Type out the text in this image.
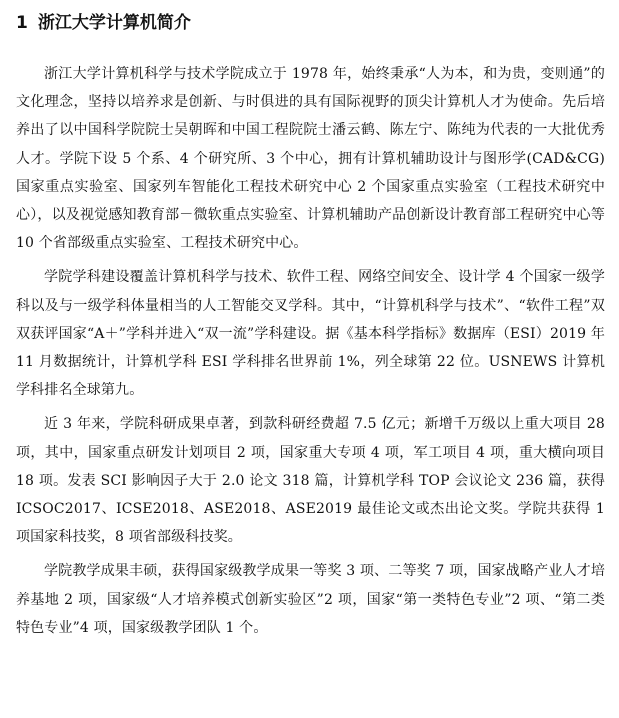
1 浙江大学计算机简介

浙江大学计算机科学与技术学院成立于 1978 年，始终秉承“人为本，和为贵，变则通”的文化理念，坚持以培养求是创新、与时俱进的具有国际视野的顶尖计算机人才为使命。先后培养出了以中国科学院院士吴朝晖和中国工程院院士潘云鹤、陈左宁、陈纯为代表的一大批优秀人才。学院下设 5 个系、4 个研究所、3 个中心，拥有计算机辅助设计与图形学(CAD&CG)国家重点实验室、国家列车智能化工程技术研究中心 2 个国家重点实验室（工程技术研究中心），以及视觉感知教育部－微软重点实验室、计算机辅助产品创新设计教育部工程研究中心等 10 个省部级重点实验室、工程技术研究中心。

学院学科建设覆盖计算机科学与技术、软件工程、网络空间安全、设计学 4 个国家一级学科以及与一级学科体量相当的人工智能交叉学科。其中，“计算机科学与技术”、“软件工程”双双获评国家“A＋”学科并进入“双一流”学科建设。据《基本科学指标》数据库（ESI）2019 年 11 月数据统计，计算机学科 ESI 学科排名世界前 1%，列全球第 22 位。USNEWS 计算机学科排名全球第九。

近 3 年来，学院科研成果卓著，到款科研经费超 7.5 亿元；新增千万级以上重大项目 28 项，其中，国家重点研发计划项目 2 项，国家重大专项 4 项，军工项目 4 项，重大横向项目 18 项。发表 SCI 影响因子大于 2.0 论文 318 篇，计算机学科 TOP 会议论文 236 篇，获得 ICSOC2017、ICSE2018、ASE2018、ASE2019 最佳论文或杰出论文奖。学院共获得 1 项国家科技奖，8 项省部级科技奖。

学院教学成果丰硕，获得国家级教学成果一等奖 3 项、二等奖 7 项，国家战略产业人才培养基地 2 项，国家级“人才培养模式创新实验区”2 项，国家“第一类特色专业”2 项、“第二类特色专业”4 项，国家级教学团队 1 个。
